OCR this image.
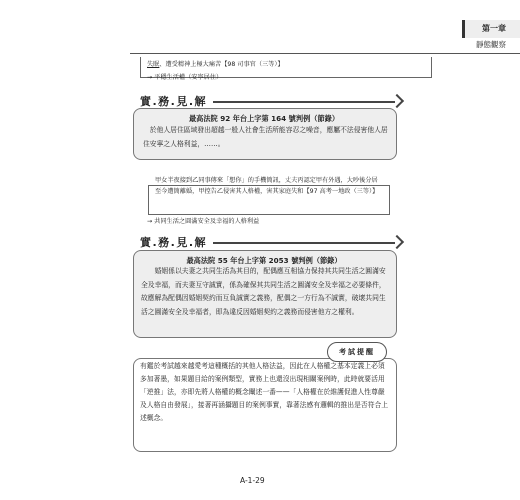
第一章
靜態觀察
失眠、遭受精神上極大痛苦【98 司事官（三等）】
→ 平穩生活權（安寧居住）
實.務.見.解
最高法院 92 年台上字第 164 號判例（節錄）
　於他人居住區域發出超越一般人社會生活所能容忍之噪音，應屬不法侵害他人居住安寧之人格利益，……。
甲女半夜接到乙同事傳來「想你」的手機簡訊，丈夫丙認定甲有外遇，大吵後分居至今遭簡離婚，甲控告乙侵害其人格權，害其家庭失和【97 高考一地政（三等）】
→ 共同生活之圓滿安全及幸福的人格利益
實.務.見.解
最高法院 55 年台上字第 2053 號判例（節錄）
　　婚姻係以夫妻之共同生活為其目的，配偶應互相協力保持其共同生活之圓滿安全及幸福，而夫妻互守誠實，係為確保其共同生活之圓滿安全及幸福之必要條件，故應解為配偶因婚姻契約而互負誠實之義務，配偶之一方行為不誠實，破壞共同生活之圓滿安全及幸福者，即為違反因婚姻契約之義務而侵害他方之權利。
考試提醒
有鑑於考試越來越愛考這種概括的其他人格法益，因此在人格權之基本定義上必須多加著墨，如果題目給的案例類型，實務上也還沒出現相關案例時，此時就要活用「逆推」法，亦即先將人格權的概念闡述一番——「人格權在於維護促進人性尊嚴及人格自由發展」，接著再涵攝題目的案例事實，靠著法感有邏輯的推出是否符合上述概念。
A-1-29
